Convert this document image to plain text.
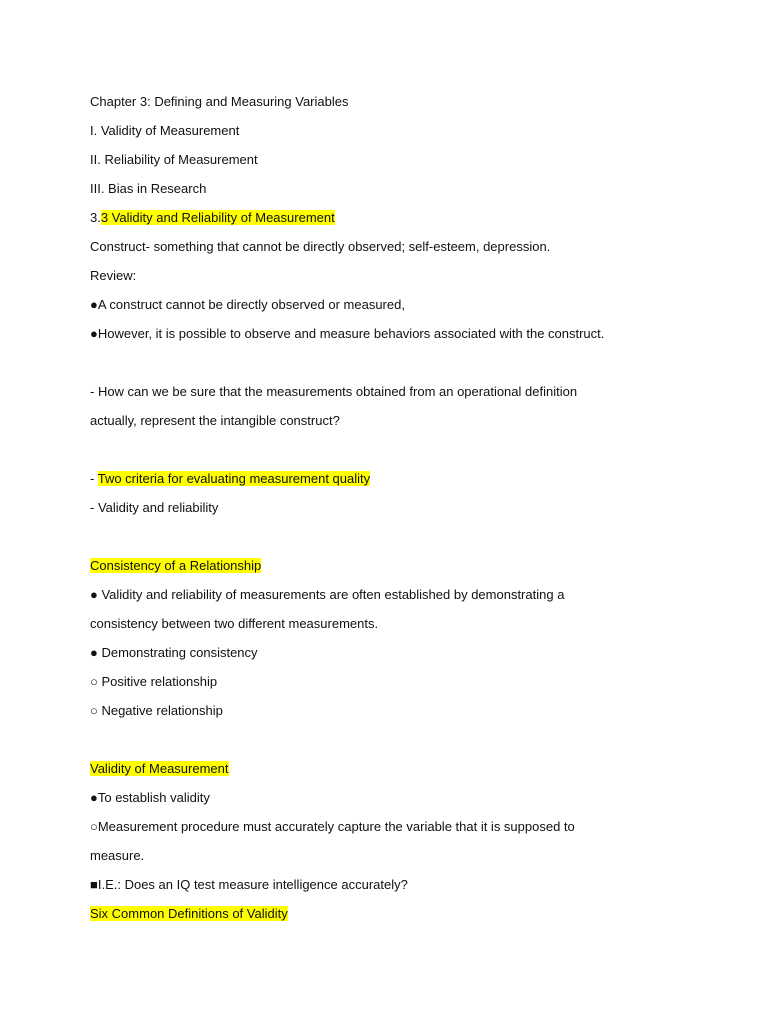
Chapter 3: Defining and Measuring Variables
I. Validity of Measurement
II. Reliability of Measurement
III. Bias in Research
3.3 Validity and Reliability of Measurement
Construct- something that cannot be directly observed; self-esteem, depression.
Review:
●A construct cannot be directly observed or measured,
●However, it is possible to observe and measure behaviors associated with the construct.
- How can we be sure that the measurements obtained from an operational definition
actually, represent the intangible construct?
- Two criteria for evaluating measurement quality
- Validity and reliability
Consistency of a Relationship
● Validity and reliability of measurements are often established by demonstrating a
consistency between two different measurements.
● Demonstrating consistency
○ Positive relationship
○ Negative relationship
Validity of Measurement
●To establish validity
○Measurement procedure must accurately capture the variable that it is supposed to
measure.
■I.E.: Does an IQ test measure intelligence accurately?
Six Common Definitions of Validity
